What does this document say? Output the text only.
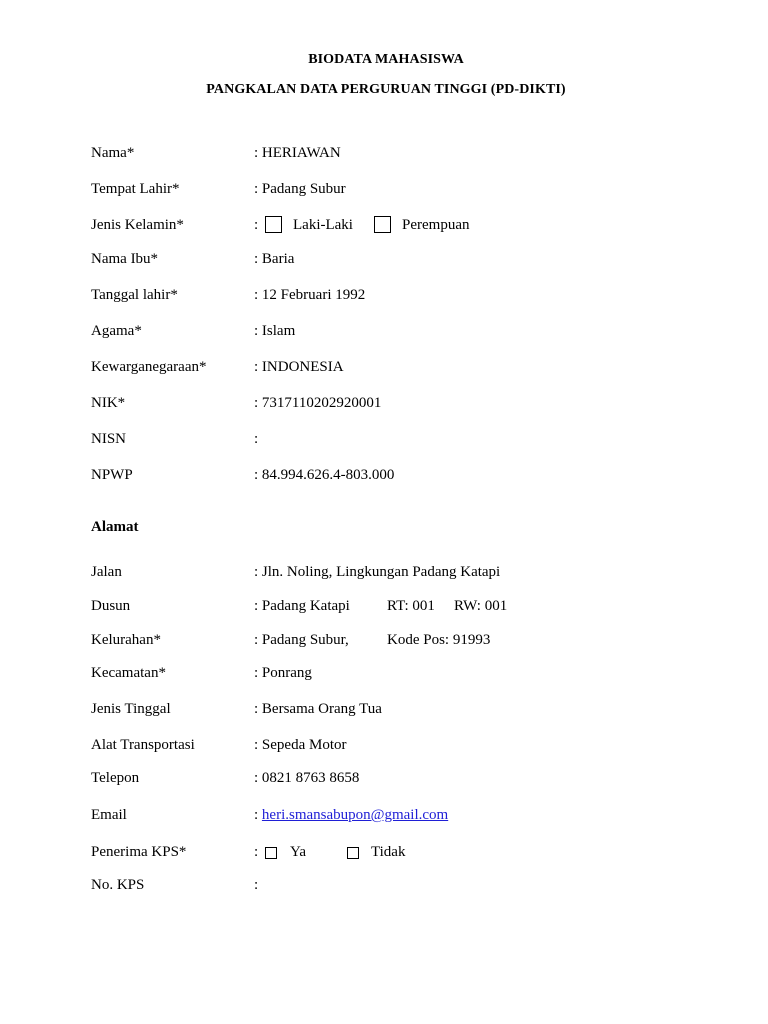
BIODATA MAHASISWA
PANGKALAN DATA PERGURUAN TINGGI (PD-DIKTI)
Nama*	: HERIAWAN
Tempat Lahir*	: Padang Subur
Jenis Kelamin*	: Laki-Laki	Perempuan
Nama Ibu*	: Baria
Tanggal lahir*	: 12 Februari 1992
Agama*	: Islam
Kewarganegaraan*	: INDONESIA
NIK*	: 7317110202920001
NISN	:
NPWP	: 84.994.626.4-803.000
Alamat
Jalan	: Jln. Noling, Lingkungan Padang Katapi
Dusun	: Padang Katapi RT: 001 RW: 001
Kelurahan*	: Padang Subur,	Kode Pos: 91993
Kecamatan*	: Ponrang
Jenis Tinggal	: Bersama Orang Tua
Alat Transportasi	: Sepeda Motor
Telepon	: 0821 8763 8658
Email	: heri.smansabupon@gmail.com
Penerima KPS*	: Ya	Tidak
No. KPS	:
